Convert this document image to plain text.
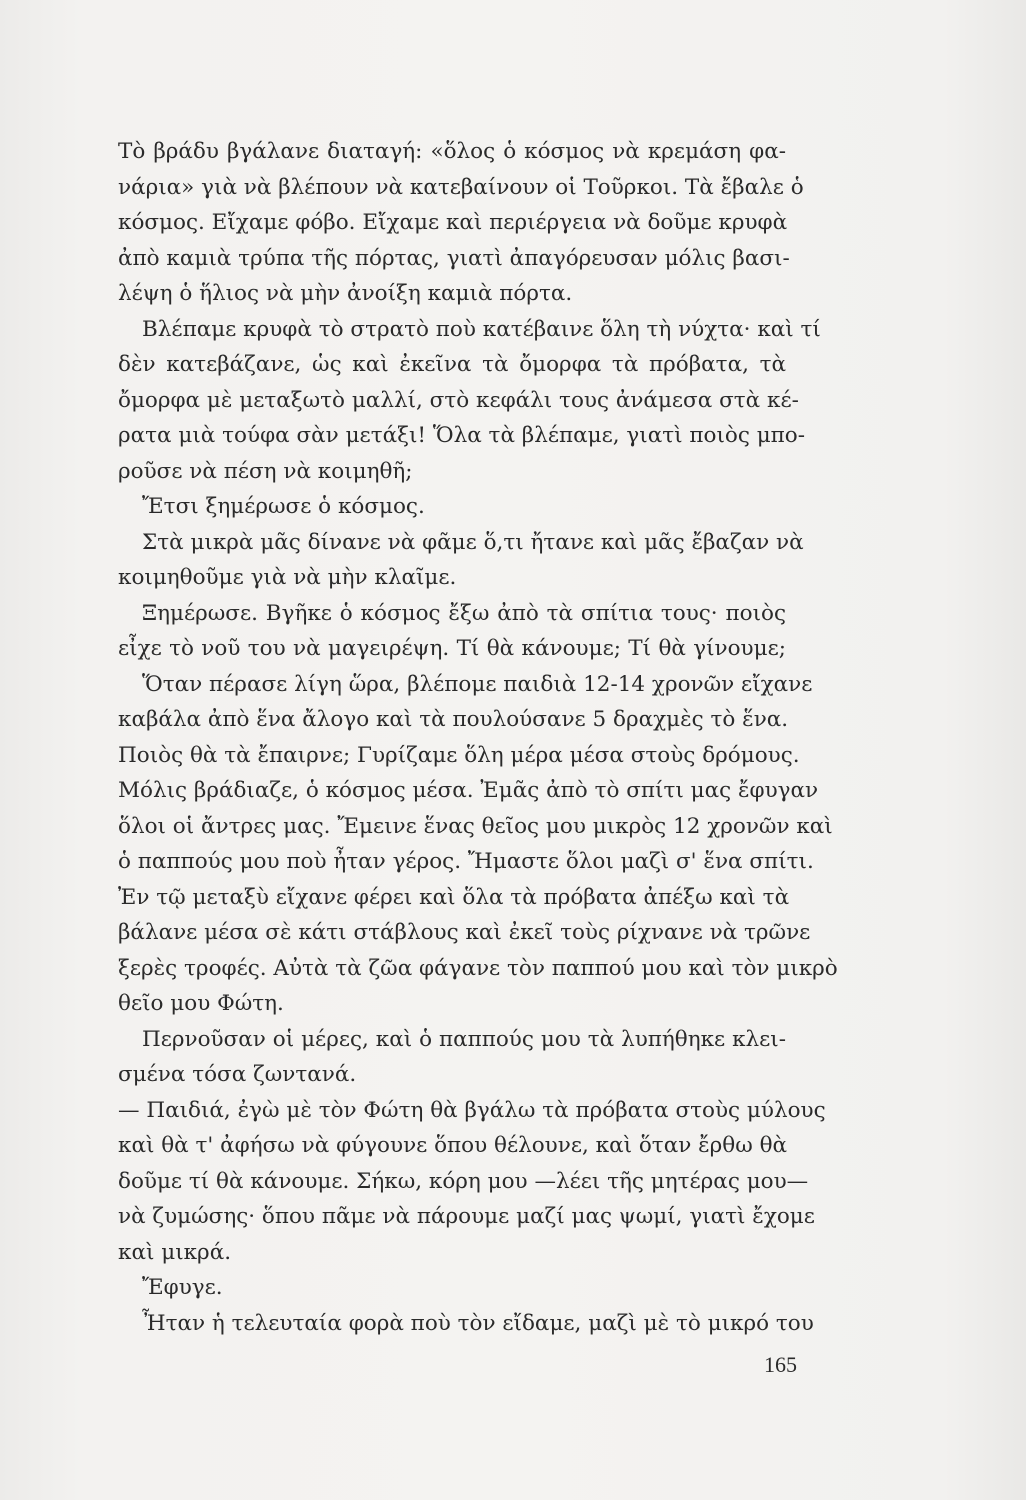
Τὸ βράδυ βγάλανε διαταγή: «ὅλος ὁ κόσμος νὰ κρεμάση φα-
νάρια» γιὰ νὰ βλέπουν νὰ κατεβαίνουν οἱ Τοῦρκοι. Τὰ ἔβαλε ὁ
κόσμος. Εἴχαμε φόβο. Εἴχαμε καὶ περιέργεια νὰ δοῦμε κρυφὰ
ἀπὸ καμιὰ τρύπα τῆς πόρτας, γιατὶ ἀπαγόρευσαν μόλις βασι-
λέψη ὁ ἥλιος νὰ μὴν ἀνοίξη καμιὰ πόρτα.
Βλέπαμε κρυφὰ τὸ στρατὸ ποὺ κατέβαινε ὅλη τὴ νύχτα· καὶ τί
δὲν κατεβάζανε, ὡς καὶ ἐκεῖνα τὰ ὄμορφα τὰ πρόβατα, τὰ
ὄμορφα μὲ μεταξωτὸ μαλλί, στὸ κεφάλι τους ἀνάμεσα στὰ κέ-
ρατα μιὰ τούφα σὰν μετάξι! Ὅλα τὰ βλέπαμε, γιατὶ ποιὸς μπο-
ροῦσε νὰ πέση νὰ κοιμηθῆ;
Ἔτσι ξημέρωσε ὁ κόσμος.
Στὰ μικρὰ μᾶς δίνανε νὰ φᾶμε ὅ,τι ἤτανε καὶ μᾶς ἔβαζαν νὰ
κοιμηθοῦμε γιὰ νὰ μὴν κλαῖμε.
Ξημέρωσε. Βγῆκε ὁ κόσμος ἔξω ἀπὸ τὰ σπίτια τους· ποιὸς
εἶχε τὸ νοῦ του νὰ μαγειρέψη. Τί θὰ κάνουμε; Τί θὰ γίνουμε;
Ὅταν πέρασε λίγη ὥρα, βλέπομε παιδιὰ 12-14 χρονῶν εἴχανε
καβάλα ἀπὸ ἕνα ἄλογο καὶ τὰ πουλούσανε 5 δραχμὲς τὸ ἕνα.
Ποιὸς θὰ τὰ ἔπαιρνε; Γυρίζαμε ὅλη μέρα μέσα στοὺς δρόμους.
Μόλις βράδιαζε, ὁ κόσμος μέσα. Ἐμᾶς ἀπὸ τὸ σπίτι μας ἔφυγαν
ὅλοι οἱ ἄντρες μας. Ἔμεινε ἕνας θεῖος μου μικρὸς 12 χρονῶν καὶ
ὁ παππούς μου ποὺ ἦταν γέρος. Ἤμαστε ὅλοι μαζὶ σ' ἕνα σπίτι.
Ἐν τῷ μεταξὺ εἴχανε φέρει καὶ ὅλα τὰ πρόβατα ἀπέξω καὶ τὰ
βάλανε μέσα σὲ κάτι στάβλους καὶ ἐκεῖ τοὺς ρίχνανε νὰ τρῶνε
ξερὲς τροφές. Αὐτὰ τὰ ζῶα φάγανε τὸν παππού μου καὶ τὸν μικρὸ
θεῖο μου Φώτη.
Περνοῦσαν οἱ μέρες, καὶ ὁ παππούς μου τὰ λυπήθηκε κλει-
σμένα τόσα ζωντανά.
— Παιδιά, ἐγὼ μὲ τὸν Φώτη θὰ βγάλω τὰ πρόβατα στοὺς μύλους
καὶ θὰ τ' ἀφήσω νὰ φύγουνε ὅπου θέλουνε, καὶ ὅταν ἔρθω θὰ
δοῦμε τί θὰ κάνουμε. Σήκω, κόρη μου —λέει τῆς μητέρας μου—
νὰ ζυμώσης· ὅπου πᾶμε νὰ πάρουμε μαζί μας ψωμί, γιατὶ ἔχομε
καὶ μικρά.
Ἔφυγε.
Ἦταν ἡ τελευταία φορὰ ποὺ τὸν εἴδαμε, μαζὶ μὲ τὸ μικρό του
165
